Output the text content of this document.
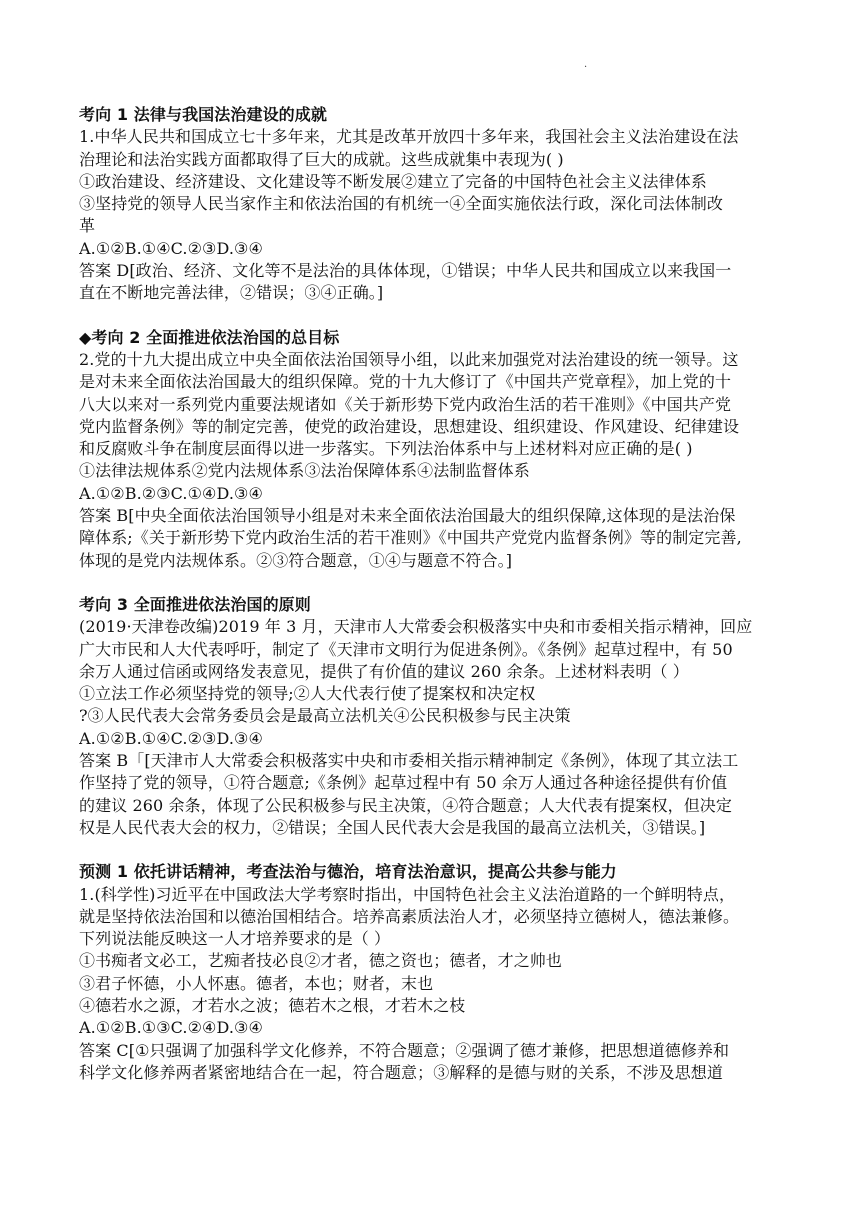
·
考向 1 法律与我国法治建设的成就
1.中华人民共和国成立七十多年来，尤其是改革开放四十多年来，我国社会主义法治建设在法
治理论和法治实践方面都取得了巨大的成就。这些成就集中表现为( )
①政治建设、经济建设、文化建设等不断发展②建立了完备的中国特色社会主义法律体系
③坚持党的领导人民当家作主和依法治国的有机统一④全面实施依法行政，深化司法体制改
革
A.①②B.①④C.②③D.③④
答案 D[政治、经济、文化等不是法治的具体体现，①错误；中华人民共和国成立以来我国一
直在不断地完善法律，②错误；③④正确。]
◆考向 2 全面推进依法治国的总目标
2.党的十九大提出成立中央全面依法治国领导小组，以此来加强党对法治建设的统一领导。这
是对未来全面依法治国最大的组织保障。党的十九大修订了《中国共产党章程》，加上党的十
八大以来对一系列党内重要法规诸如《关于新形势下党内政治生活的若干准则》《中国共产党
党内监督条例》等的制定完善，使党的政治建设，思想建设、组织建设、作风建设、纪律建设
和反腐败斗争在制度层面得以进一步落实。下列法治体系中与上述材料对应正确的是( )
①法律法规体系②党内法规体系③法治保障体系④法制监督体系
A.①②B.②③C.①④D.③④
答案 B[中央全面依法治国领导小组是对未来全面依法治国最大的组织保障,这体现的是法治保
障体系;《关于新形势下党内政治生活的若干准则》《中国共产党党内监督条例》等的制定完善,
体现的是党内法规体系。②③符合题意，①④与题意不符合。]
考向 3 全面推进依法治国的原则
(2019·天津卷改编)2019 年 3 月，天津市人大常委会积极落实中央和市委相关指示精神，回应
广大市民和人大代表呼吁，制定了《天津市文明行为促进条例》。《条例》起草过程中，有 50
余万人通过信函或网络发表意见，提供了有价值的建议 260 余条。上述材料表明（ ）
①立法工作必须坚持党的领导;②人大代表行使了提案权和决定权
?③人民代表大会常务委员会是最高立法机关④公民积极参与民主决策
A.①②B.①④C.②③D.③④
答案 B「[天津市人大常委会积极落实中央和市委相关指示精神制定《条例》，体现了其立法工
作坚持了党的领导，①符合题意;《条例》起草过程中有 50 余万人通过各种途径提供有价值
的建议 260 余条，体现了公民积极参与民主决策，④符合题意；人大代表有提案权，但决定
权是人民代表大会的权力，②错误；全国人民代表大会是我国的最高立法机关，③错误。]
预测 1 依托讲话精神，考查法治与德治，培育法治意识，提高公共参与能力
1.(科学性)习近平在中国政法大学考察时指出，中国特色社会主义法治道路的一个鲜明特点，
就是坚持依法治国和以德治国相结合。培养高素质法治人才，必须坚持立德树人，德法兼修。
下列说法能反映这一人才培养要求的是（ ）
①书痴者文必工，艺痴者技必良②才者，德之资也；德者，才之帅也
③君子怀德，小人怀惠。德者，本也；财者，末也
④德若水之源，才若水之波；德若木之根，才若木之枝
A.①②B.①③C.②④D.③④
答案 C[①只强调了加强科学文化修养，不符合题意；②强调了德才兼修，把思想道德修养和
科学文化修养两者紧密地结合在一起，符合题意；③解释的是德与财的关系，不涉及思想道
